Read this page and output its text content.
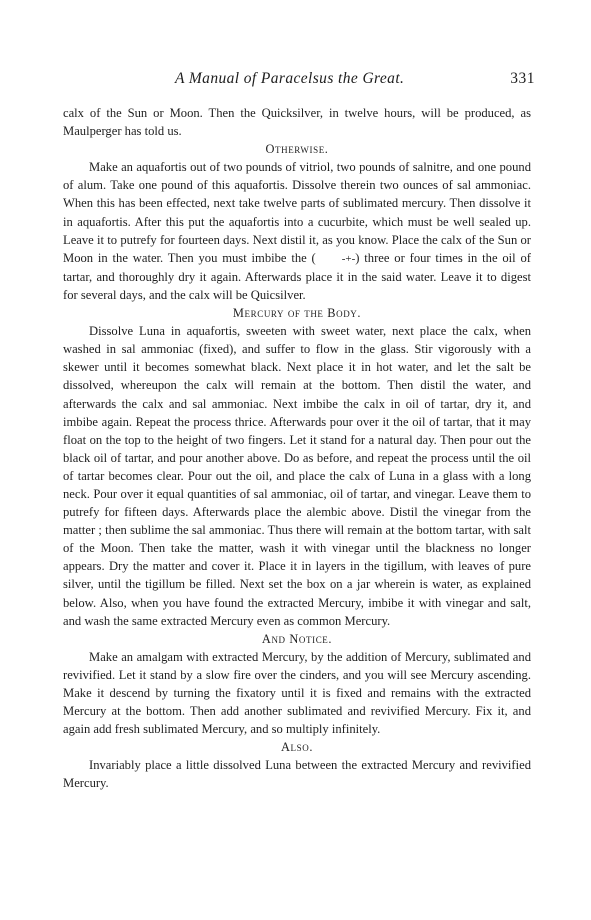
A Manual of Paracelsus the Great.	331

calx of the Sun or Moon. Then the Quicksilver, in twelve hours, will be produced, as Maulperger has told us.

Otherwise.

Make an aquafortis out of two pounds of vitriol, two pounds of salnitre, and one pound of alum. Take one pound of this aquafortis. Dissolve therein two ounces of sal ammoniac. When this has been effected, next take twelve parts of sublimated mercury. Then dissolve it in aquafortis. After this put the aquafortis into a cucurbite, which must be well sealed up. Leave it to putrefy for fourteen days. Next distil it, as you know. Place the calx of the Sun or Moon in the water. Then you must imbibe the ( -+-) three or four times in the oil of tartar, and thoroughly dry it again. Afterwards place it in the said water. Leave it to digest for several days, and the calx will be Quicsilver.

Mercury of the Body.

Dissolve Luna in aquafortis, sweeten with sweet water, next place the calx, when washed in sal ammoniac (fixed), and suffer to flow in the glass. Stir vigorously with a skewer until it becomes somewhat black. Next place it in hot water, and let the salt be dissolved, whereupon the calx will remain at the bottom. Then distil the water, and afterwards the calx and sal ammoniac. Next imbibe the calx in oil of tartar, dry it, and imbibe again. Repeat the process thrice. Afterwards pour over it the oil of tartar, that it may float on the top to the height of two fingers. Let it stand for a natural day. Then pour out the black oil of tartar, and pour another above. Do as before, and repeat the process until the oil of tartar becomes clear. Pour out the oil, and place the calx of Luna in a glass with a long neck. Pour over it equal quantities of sal ammoniac, oil of tartar, and vinegar. Leave them to putrefy for fifteen days. Afterwards place the alembic above. Distil the vinegar from the matter ; then sublime the sal ammoniac. Thus there will remain at the bottom tartar, with salt of the Moon. Then take the matter, wash it with vinegar until the blackness no longer appears. Dry the matter and cover it. Place it in layers in the tigillum, with leaves of pure silver, until the tigillum be filled. Next set the box on a jar wherein is water, as explained below. Also, when you have found the extracted Mercury, imbibe it with vinegar and salt, and wash the same extracted Mercury even as common Mercury.

And Notice.

Make an amalgam with extracted Mercury, by the addition of Mercury, sublimated and revivified. Let it stand by a slow fire over the cinders, and you will see Mercury ascending. Make it descend by turning the fixatory until it is fixed and remains with the extracted Mercury at the bottom. Then add another sublimated and revivified Mercury. Fix it, and again add fresh sublimated Mercury, and so multiply infinitely.

Also.

Invariably place a little dissolved Luna between the extracted Mercury and revivified Mercury.
